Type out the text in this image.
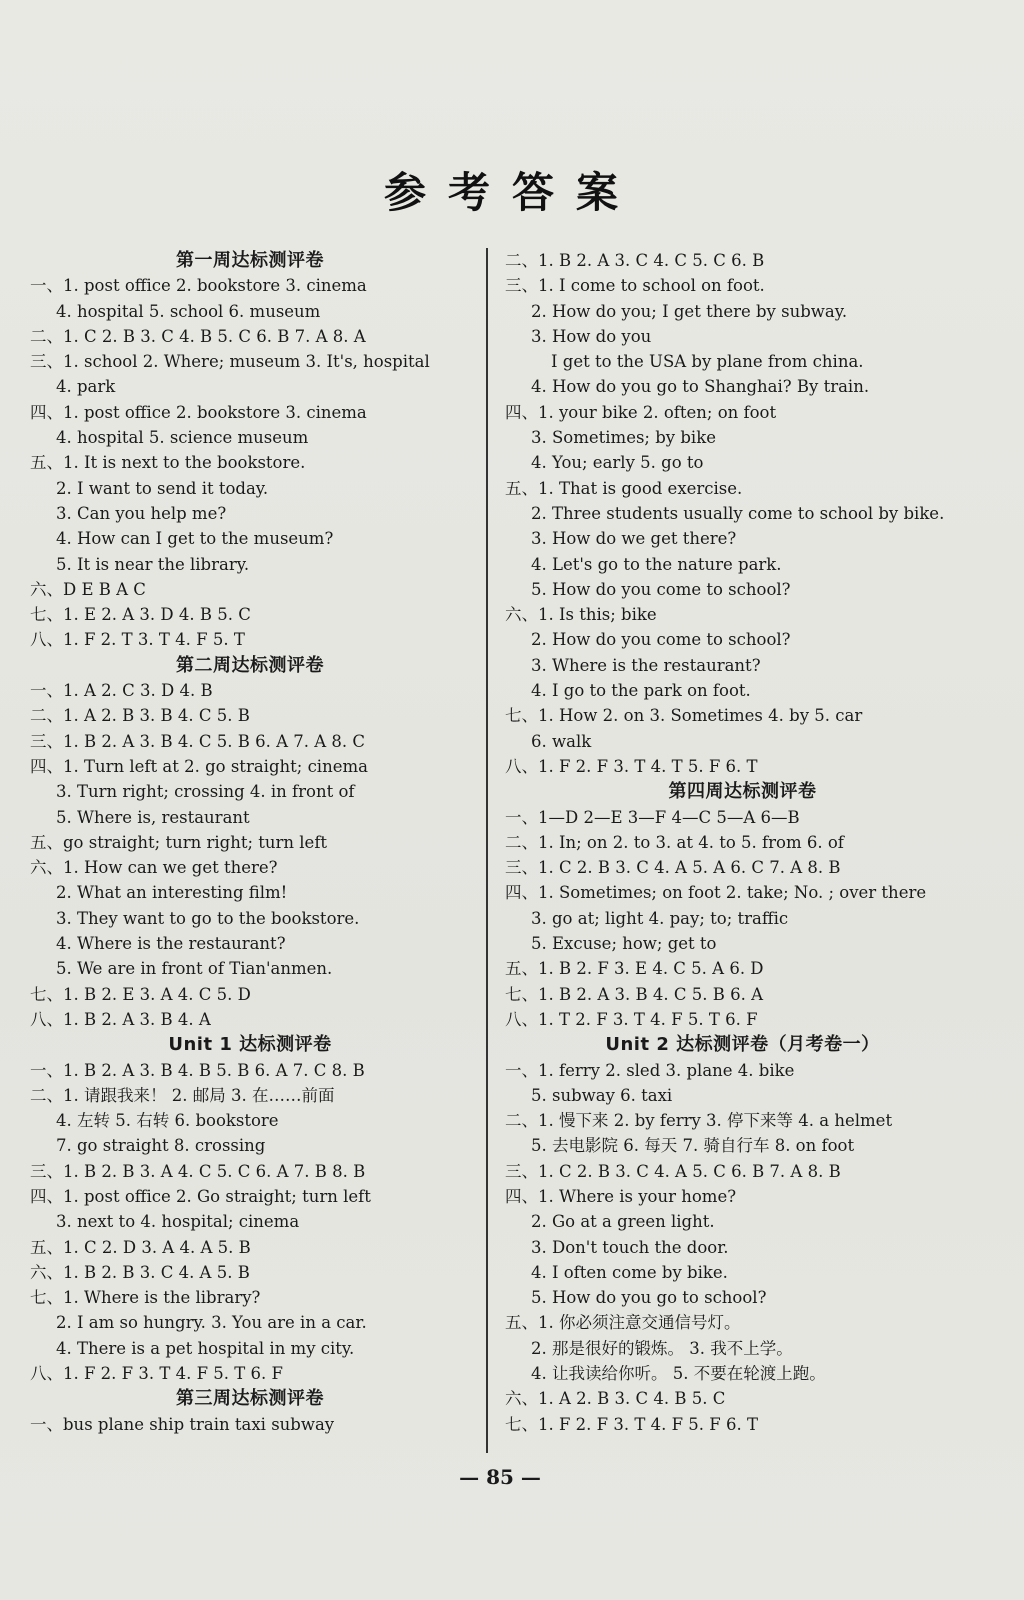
参考答案
第一周达标测评卷
一、1. post office 2. bookstore 3. cinema
4. hospital 5. school 6. museum
二、1. C 2. B 3. C 4. B 5. C 6. B 7. A 8. A
三、1. school 2. Where; museum 3. It's, hospital
4. park
四、1. post office 2. bookstore 3. cinema
4. hospital 5. science museum
五、1. It is next to the bookstore.
2. I want to send it today.
3. Can you help me?
4. How can I get to the museum?
5. It is near the library.
六、D E B A C
七、1. E 2. A 3. D 4. B 5. C
八、1. F 2. T 3. T 4. F 5. T
第二周达标测评卷
一、1. A 2. C 3. D 4. B
二、1. A 2. B 3. B 4. C 5. B
三、1. B 2. A 3. B 4. C 5. B 6. A 7. A 8. C
四、1. Turn left at 2. go straight; cinema
3. Turn right; crossing 4. in front of
5. Where is, restaurant
五、go straight; turn right; turn left
六、1. How can we get there?
2. What an interesting film!
3. They want to go to the bookstore.
4. Where is the restaurant?
5. We are in front of Tian'anmen.
七、1. B 2. E 3. A 4. C 5. D
八、1. B 2. A 3. B 4. A
Unit 1 达标测评卷
一、1. B 2. A 3. B 4. B 5. B 6. A 7. C 8. B
二、1. 请跟我来！ 2. 邮局 3. 在……前面
4. 左转 5. 右转 6. bookstore
7. go straight 8. crossing
三、1. B 2. B 3. A 4. C 5. C 6. A 7. B 8. B
四、1. post office 2. Go straight; turn left
3. next to 4. hospital; cinema
五、1. C 2. D 3. A 4. A 5. B
六、1. B 2. B 3. C 4. A 5. B
七、1. Where is the library?
2. I am so hungry. 3. You are in a car.
4. There is a pet hospital in my city.
八、1. F 2. F 3. T 4. F 5. T 6. F
第三周达标测评卷
一、bus plane ship train taxi subway
二、1. B 2. A 3. C 4. C 5. C 6. B
三、1. I come to school on foot.
2. How do you; I get there by subway.
3. How do you
I get to the USA by plane from china.
4. How do you go to Shanghai? By train.
四、1. your bike 2. often; on foot
3. Sometimes; by bike
4. You; early 5. go to
五、1. That is good exercise.
2. Three students usually come to school by bike.
3. How do we get there?
4. Let's go to the nature park.
5. How do you come to school?
六、1. Is this; bike
2. How do you come to school?
3. Where is the restaurant?
4. I go to the park on foot.
七、1. How 2. on 3. Sometimes 4. by 5. car
6. walk
八、1. F 2. F 3. T 4. T 5. F 6. T
第四周达标测评卷
一、1—D 2—E 3—F 4—C 5—A 6—B
二、1. In; on 2. to 3. at 4. to 5. from 6. of
三、1. C 2. B 3. C 4. A 5. A 6. C 7. A 8. B
四、1. Sometimes; on foot 2. take; No. ; over there
3. go at; light 4. pay; to; traffic
5. Excuse; how; get to
五、1. B 2. F 3. E 4. C 5. A 6. D
七、1. B 2. A 3. B 4. C 5. B 6. A
八、1. T 2. F 3. T 4. F 5. T 6. F
Unit 2 达标测评卷（月考卷一）
一、1. ferry 2. sled 3. plane 4. bike
5. subway 6. taxi
二、1. 慢下来 2. by ferry 3. 停下来等 4. a helmet
5. 去电影院 6. 每天 7. 骑自行车 8. on foot
三、1. C 2. B 3. C 4. A 5. C 6. B 7. A 8. B
四、1. Where is your home?
2. Go at a green light.
3. Don't touch the door.
4. I often come by bike.
5. How do you go to school?
五、1. 你必须注意交通信号灯。
2. 那是很好的锻炼。 3. 我不上学。
4. 让我读给你听。 5. 不要在轮渡上跑。
六、1. A 2. B 3. C 4. B 5. C
七、1. F 2. F 3. T 4. F 5. F 6. T
— 85 —
